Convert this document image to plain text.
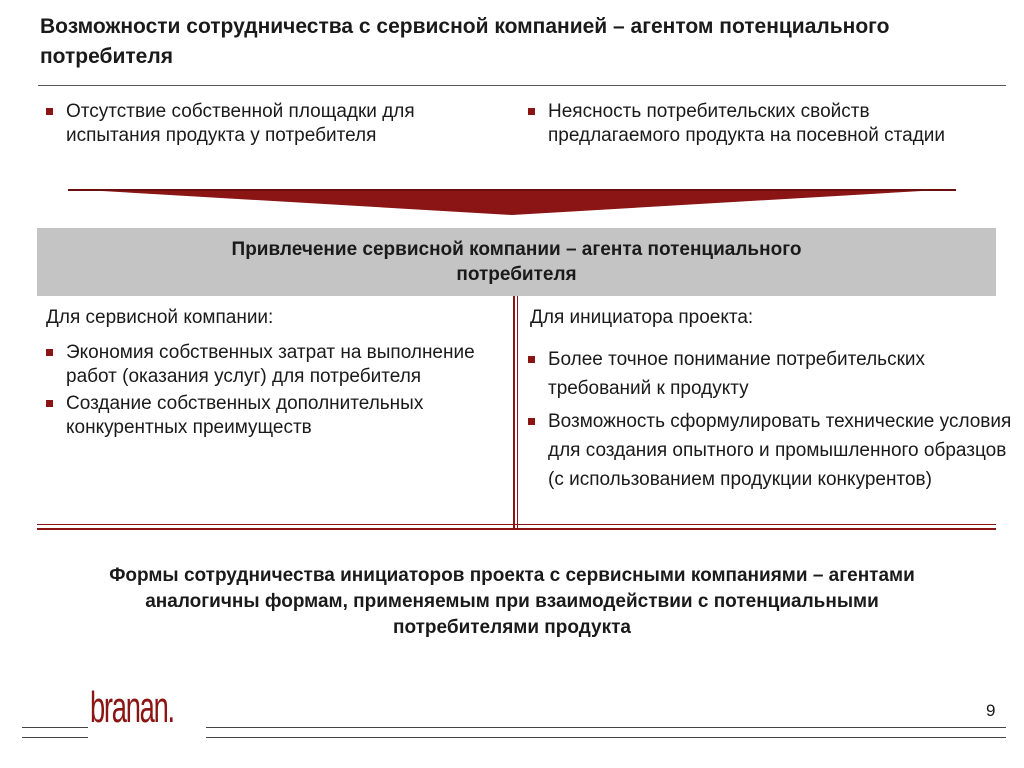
Возможности сотрудничества с сервисной компанией – агентом потенциального потребителя
Отсутствие собственной площадки для испытания продукта у потребителя
Неясность потребительских свойств предлагаемого продукта на посевной стадии
Привлечение сервисной компании – агента потенциального
потребителя
Для сервисной компании:	Для инициатора проекта:
Экономия собственных затрат на выполнение работ (оказания услуг) для потребителя
Создание собственных дополнительных конкурентных преимуществ
Более точное понимание потребительских требований к продукту
Возможность сформулировать технические условия для создания опытного и промышленного образцов (с использованием продукции конкурентов)
Формы сотрудничества инициаторов проекта с сервисными компаниями – агентами аналогичны формам, применяемым при взаимодействии с потенциальными потребителями продукта
branan.	9
